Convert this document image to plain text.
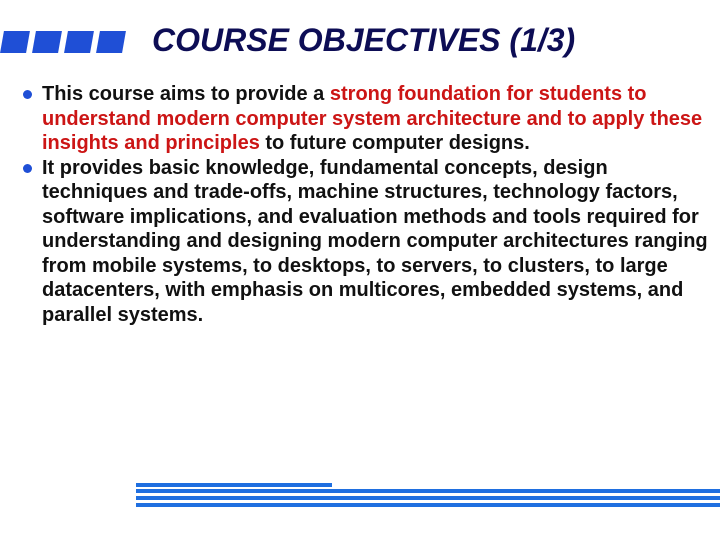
COURSE OBJECTIVES (1/3)
This course aims to provide a strong foundation for students to understand modern computer system architecture and to apply these insights and principles to future computer designs.
It provides basic knowledge, fundamental concepts, design techniques and trade-offs, machine structures, technology factors, software implications, and evaluation methods and tools required for understanding and designing modern computer architectures ranging from mobile systems, to desktops, to servers, to clusters, to large datacenters, with emphasis on multicores, embedded systems, and parallel systems.
